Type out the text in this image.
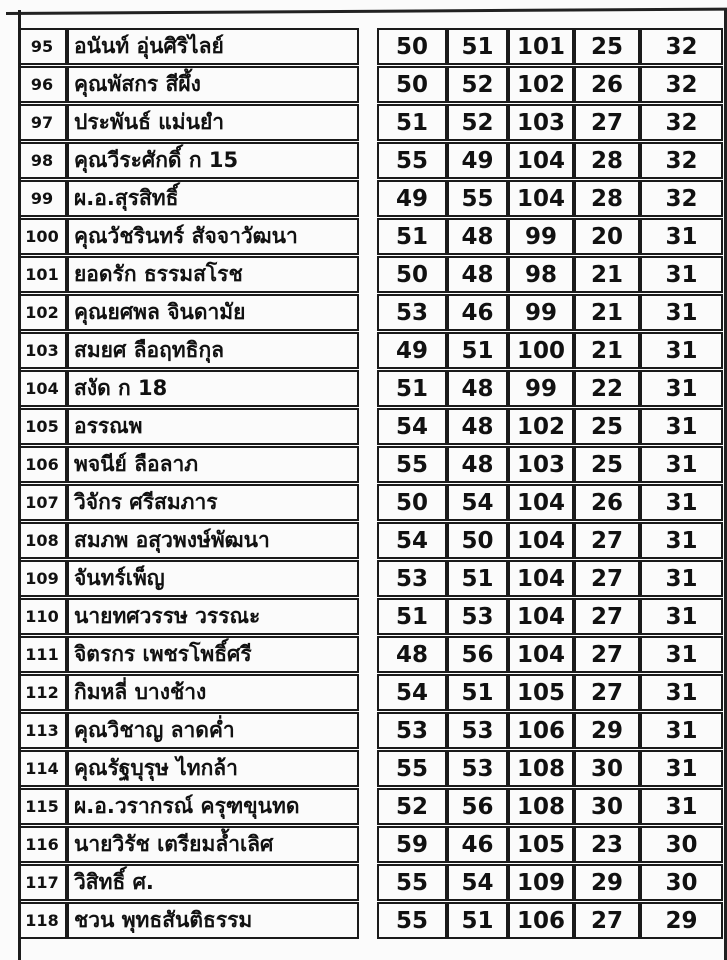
95 อนันท์ อุ่นศิริไลย์	50	51	101	25	32
96 คุณพัสกร สีผึ้ง	50	52	102	26	32
97 ประพันธ์ แม่นยำ	51	52	103	27	32
98 คุณวีระศักดิ์ ก 15	55	49	104	28	32
99 ผ.อ.สุรสิทธิ์	49	55	104	28	32
100 คุณวัชรินทร์ สัจจาวัฒนา	51	48	99	20	31
101 ยอดรัก ธรรมสโรช	50	48	98	21	31
102 คุณยศพล จินดามัย	53	46	99	21	31
103 สมยศ ลือฤทธิกุล	49	51	100	21	31
104 สงัด ก 18	51	48	99	22	31
105 อรรณพ	54	48	102	25	31
106 พจนีย์ ลือลาภ	55	48	103	25	31
107 วิจักร ศรีสมภาร	50	54	104	26	31
108 สมภพ อสุวพงษ์พัฒนา	54	50	104	27	31
109 จันทร์เพ็ญ	53	51	104	27	31
110 นายทศวรรษ วรรณะ	51	53	104	27	31
111 จิตรกร เพชรโพธิ์ศรี	48	56	104	27	31
112 กิมหลี่ บางช้าง	54	51	105	27	31
113 คุณวิชาญ ลาดค่ำ	53	53	106	29	31
114 คุณรัฐบุรุษ ไทกล้า	55	53	108	30	31
115 ผ.อ.วรากรณ์ ครุฑขุนทด	52	56	108	30	31
116 นายวิรัช เตรียมล้ำเลิศ	59	46	105	23	30
117 วิสิทธิ์ ศ.	55	54	109	29	30
118 ชวน พุทธสันติธรรม	55	51	106	27	29
